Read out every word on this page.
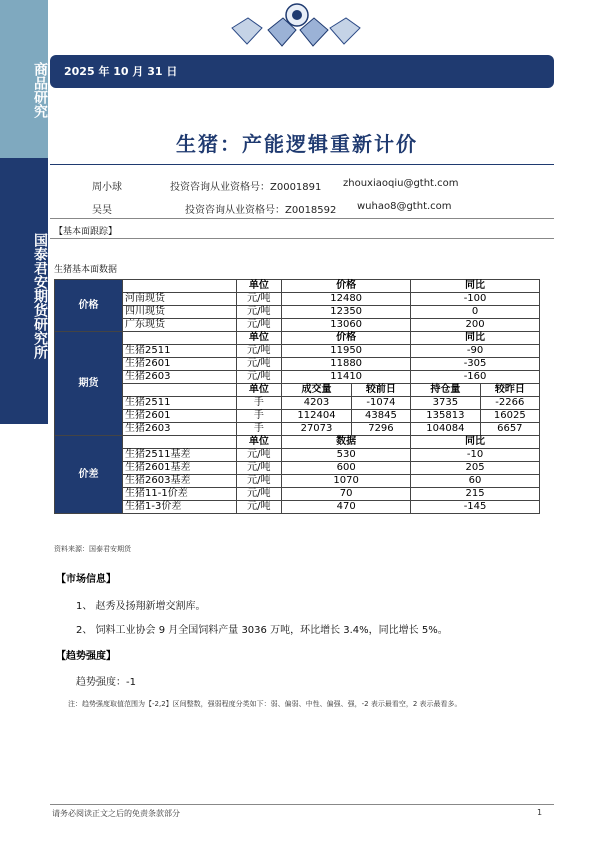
商品研究
国泰君安期货研究所
2025 年 10 月 31 日
生猪：产能逻辑重新计价
周小球	投资咨询从业资格号：Z0001891 zhouxiaoqiu@gtht.com
吴昊	投资咨询从业资格号：Z0018592 wuhao8@gtht.com
【基本面跟踪】
生猪基本面数据
价格		单位	价格		同比	
	河南现货	元/吨	12480		-100	
	四川现货	元/吨	12350		0	
	广东现货	元/吨	13060		200	
期货		单位	价格		同比	
	生猪2511	元/吨	11950		-90	
	生猪2601	元/吨	11880		-305	
	生猪2603	元/吨	11410		-160	
		单位	成交量	较前日	持仓量	较昨日
	生猪2511	手	4203	-1074	3735	-2266
	生猪2601	手	112404	43845	135813	16025
	生猪2603	手	27073	7296	104084	6657
价差		单位	数据		同比	
	生猪2511基差	元/吨	530		-10	
	生猪2601基差	元/吨	600		205	
	生猪2603基差	元/吨	1070		60	
	生猪11-1价差	元/吨	70		215	
	生猪1-3价差	元/吨	470		-145	
资料来源：国泰君安期货
【市场信息】
1、 赵秀及扬翔新增交割库。
2、 饲料工业协会 9 月全国饲料产量 3036 万吨，环比增长 3.4%，同比增长 5%。
【趋势强度】
趋势强度：-1
注：趋势强度取值范围为【-2,2】区间整数，强弱程度分类如下：弱、偏弱、中性、偏强、强，-2 表示最看空，2 表示最看多。
请务必阅读正文之后的免责条款部分	1
